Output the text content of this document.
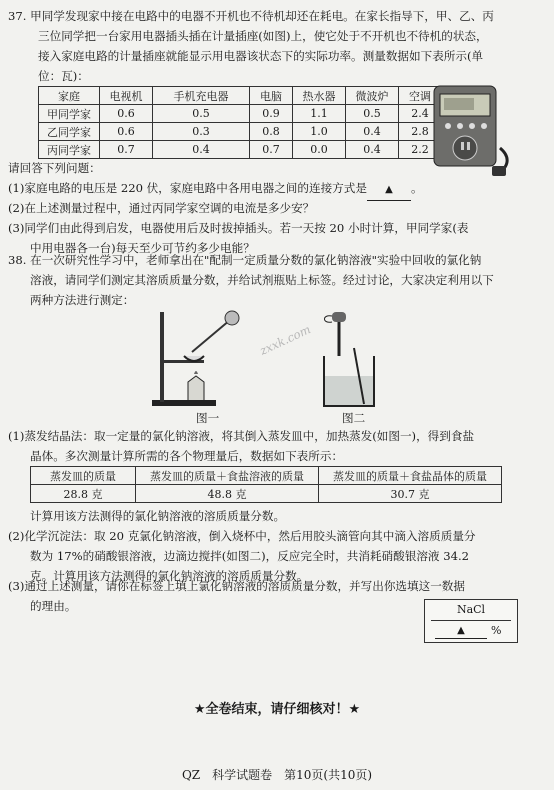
37. 甲同学发现家中接在电路中的电器不开机也不待机却还在耗电。在家长指导下，甲、乙、丙
三位同学把一台家用电器插头插在计量插座(如图)上，使它处于不开机也不待机的状态，
接入家庭电路的计量插座就能显示用电器该状态下的实际功率。测量数据如下表所示(单
位：瓦)：
家庭	电视机	手机充电器	电脑	热水器	微波炉	空调
甲同学家	0.6	0.5	0.9	1.1	0.5	2.4
乙同学家	0.6	0.3	0.8	1.0	0.4	2.8
丙同学家	0.7	0.4	0.7	0.0	0.4	2.2
请回答下列问题：
(1)家庭电路的电压是 220 伏，家庭电路中各用电器之间的连接方式是 ▲ 。
(2)在上述测量过程中，通过丙同学家空调的电流是多少安？
(3)同学们由此得到启发，电器使用后及时拔掉插头。若一天按 20 小时计算，甲同学家(表
中用电器各一台)每天至少可节约多少电能？
38. 在一次研究性学习中，老师拿出在"配制一定质量分数的氯化钠溶液"实验中回收的氯化钠
溶液，请同学们测定其溶质质量分数，并给试剂瓶贴上标签。经过讨论，大家决定利用以下
两种方法进行测定：
图一	图二
zxxk.com
(1)蒸发结晶法：取一定量的氯化钠溶液，将其倒入蒸发皿中，加热蒸发(如图一)，得到食盐
晶体。多次测量计算所需的各个物理量后，数据如下表所示：
蒸发皿的质量	蒸发皿的质量＋食盐溶液的质量	蒸发皿的质量＋食盐晶体的质量
28.8 克	48.8 克	30.7 克
计算用该方法测得的氯化钠溶液的溶质质量分数。
(2)化学沉淀法：取 20 克氯化钠溶液，倒入烧杯中，然后用胶头滴管向其中滴入溶质质量分
数为 17%的硝酸银溶液，边滴边搅拌(如图二)，反应完全时，共消耗硝酸银溶液 34.2
克。计算用该方法测得的氯化钠溶液的溶质质量分数。
(3)通过上述测量，请你在标签上填上氯化钠溶液的溶质质量分数，并写出你选填这一数据
的理由。	NaCl
▲	%
★全卷结束，请仔细核对！★
QZ　科学试题卷　第10页(共10页)
